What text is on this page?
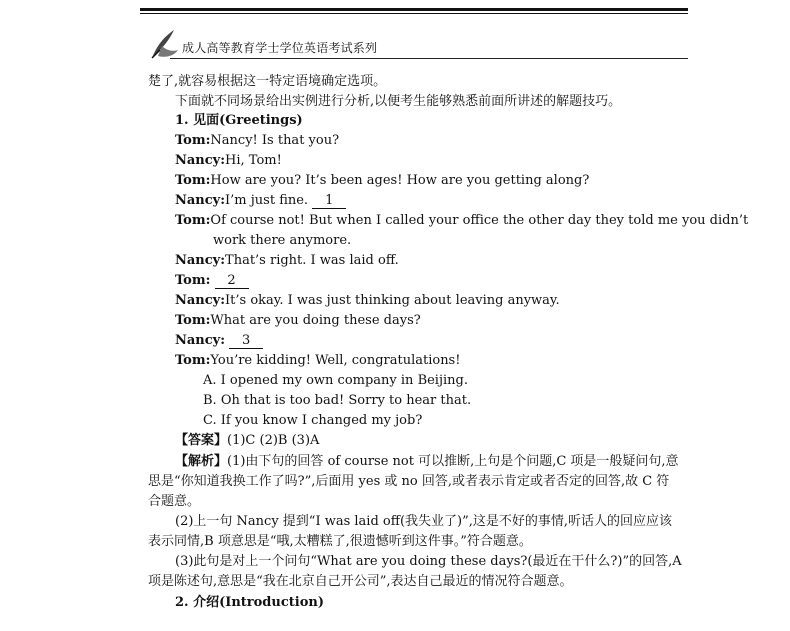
成人高等教育学士学位英语考试系列
楚了,就容易根据这一特定语境确定选项。
下面就不同场景给出实例进行分析,以便考生能够熟悉前面所讲述的解题技巧。
1. 见面(Greetings)
Tom:Nancy! Is that you?
Nancy:Hi, Tom!
Tom:How are you? It’s been ages! How are you getting along?
Nancy:I’m just fine. 1
Tom:Of course not! But when I called your office the other day they told me you didn’t
work there anymore.
Nancy:That’s right. I was laid off.
Tom: 2
Nancy:It’s okay. I was just thinking about leaving anyway.
Tom:What are you doing these days?
Nancy: 3
Tom:You’re kidding! Well, congratulations!
A. I opened my own company in Beijing.
B. Oh that is too bad! Sorry to hear that.
C. If you know I changed my job?
【答案】(1)C (2)B (3)A
【解析】(1)由下句的回答 of course not 可以推断,上句是个问题,C 项是一般疑问句,意
思是“你知道我换工作了吗?”,后面用 yes 或 no 回答,或者表示肯定或者否定的回答,故 C 符
合题意。
(2)上一句 Nancy 提到“I was laid off(我失业了)”,这是不好的事情,听话人的回应应该
表示同情,B 项意思是“哦,太糟糕了,很遗憾听到这件事。”符合题意。
(3)此句是对上一个问句“What are you doing these days?(最近在干什么?)”的回答,A
项是陈述句,意思是“我在北京自己开公司”,表达自己最近的情况符合题意。
2. 介绍(Introduction)
